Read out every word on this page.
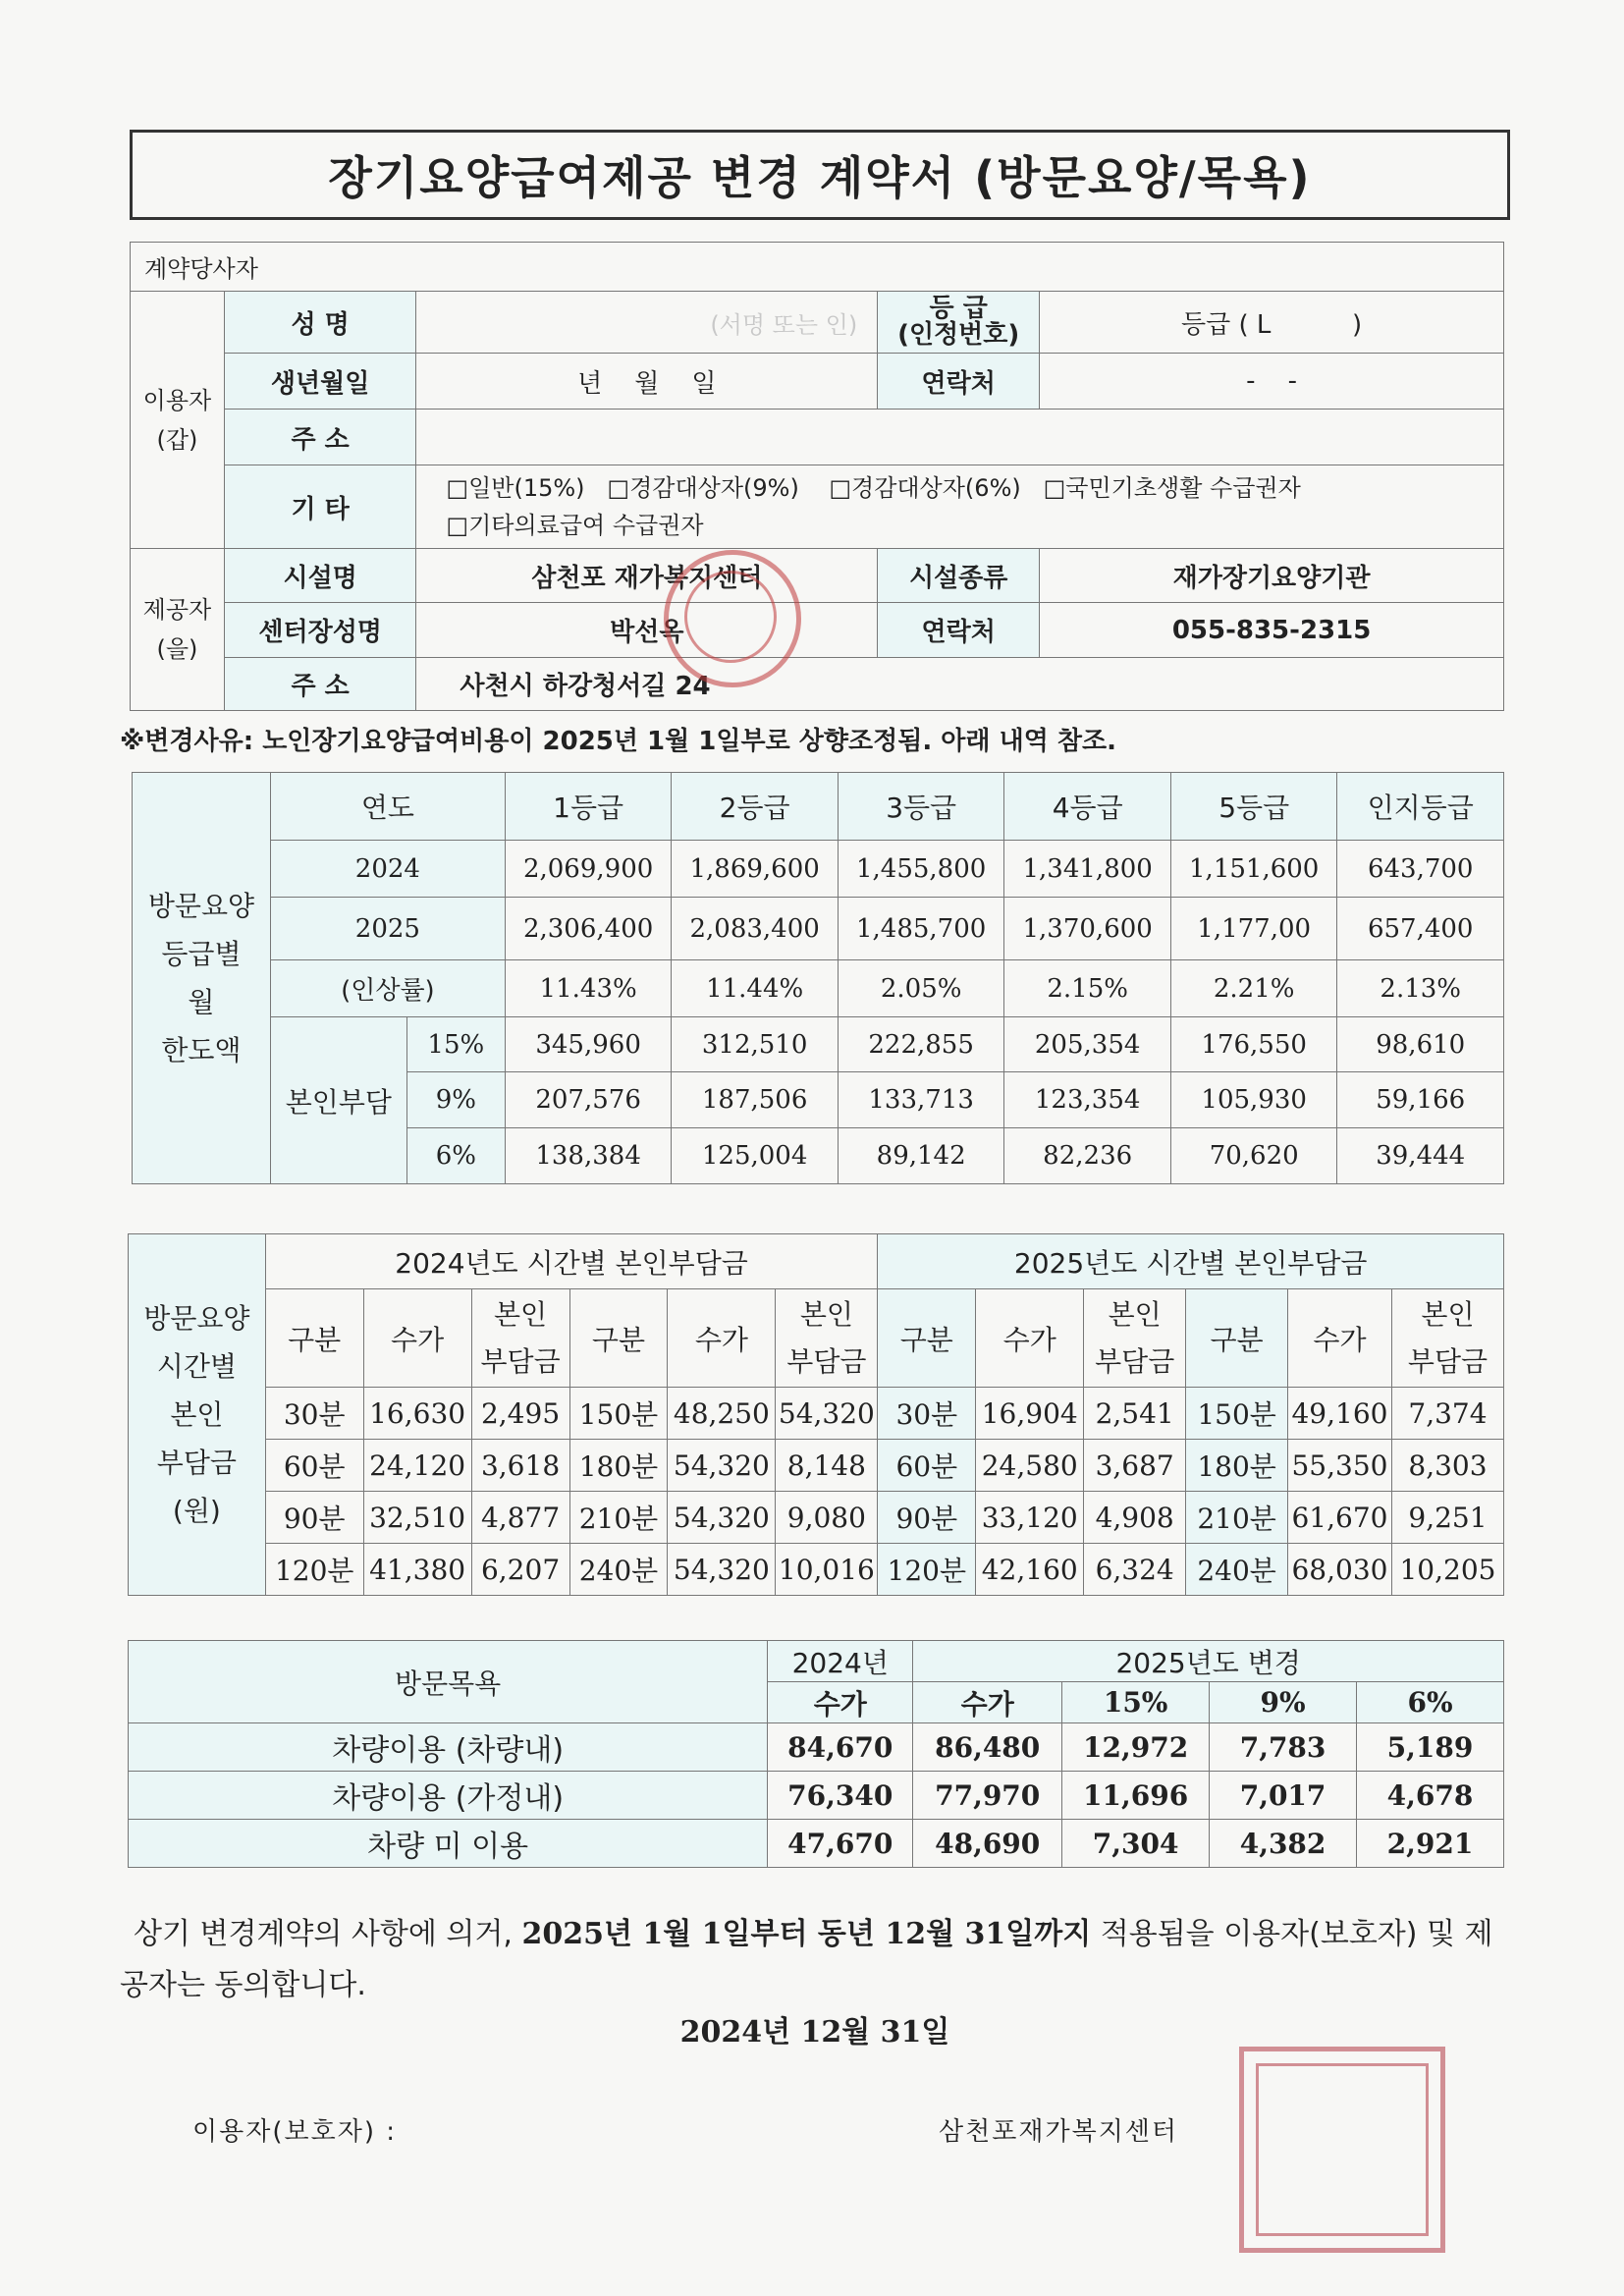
장기요양급여제공 변경 계약서 (방문요양/목욕)
계약당사자				
이용자
(갑)	성 명	(서명 또는 인)	등 급
(인정번호)	등급 ( L          )
	생년월일	년    월    일	연락처	-    -
	주 소			
	기 타	□일반(15%)   □경감대상자(9%)    □경감대상자(6%)   □국민기초생활 수급권자
□기타의료급여 수급권자		

제공자
(을)	시설명	삼천포 재가복지센터	시설종류	재가장기요양기관
	센터장성명	박선옥	연락처	055-835-2315
	주 소	사천시 하강청서길 24		
※변경사유: 노인장기요양급여비용이 2025년 1월 1일부로 상향조정됨. 아래 내역 참조.
방문요양
등급별
월
한도액	연도		1등급	2등급	3등급	4등급	5등급	인지등급
	2024		2,069,900	1,869,600	1,455,800	1,341,800	1,151,600	643,700
	2025		2,306,400	2,083,400	1,485,700	1,370,600	1,177,00	657,400
	(인상률)		11.43%	11.44%	2.05%	2.15%	2.21%	2.13%
	본인부담	15%	345,960	312,510	222,855	205,354	176,550	98,610
		9%	207,576	187,506	133,713	123,354	105,930	59,166
		6%	138,384	125,004	89,142	82,236	70,620	39,444
방문요양
시간별
본인
부담금
(원)	2024년도 시간별 본인부담금						2025년도 시간별 본인부담금					
	구분	수가	본인
부담금	구분	수가	본인
부담금	구분	수가	본인
부담금	구분	수가	본인
부담금
	30분	16,630	2,495	150분	48,250	54,320	30분	16,904	2,541	150분	49,160	7,374
	60분	24,120	3,618	180분	54,320	8,148	60분	24,580	3,687	180분	55,350	8,303
	90분	32,510	4,877	210분	54,320	9,080	90분	33,120	4,908	210분	61,670	9,251
	120분	41,380	6,207	240분	54,320	10,016	120분	42,160	6,324	240분	68,030	10,205
방문목욕	2024년	2025년도 변경			
	수가	수가	15%	9%	6%
차량이용 (차량내)	84,670	86,480	12,972	7,783	5,189
차량이용 (가정내)	76,340	77,970	11,696	7,017	4,678
차량 미 이용	47,670	48,690	7,304	4,382	2,921
상기 변경계약의 사항에 의거, 2025년 1월 1일부터 동년 12월 31일까지 적용됨을 이용자(보호자) 및 제공자는 동의합니다.
2024년 12월 31일
이용자(보호자) :	삼천포재가복지센터
